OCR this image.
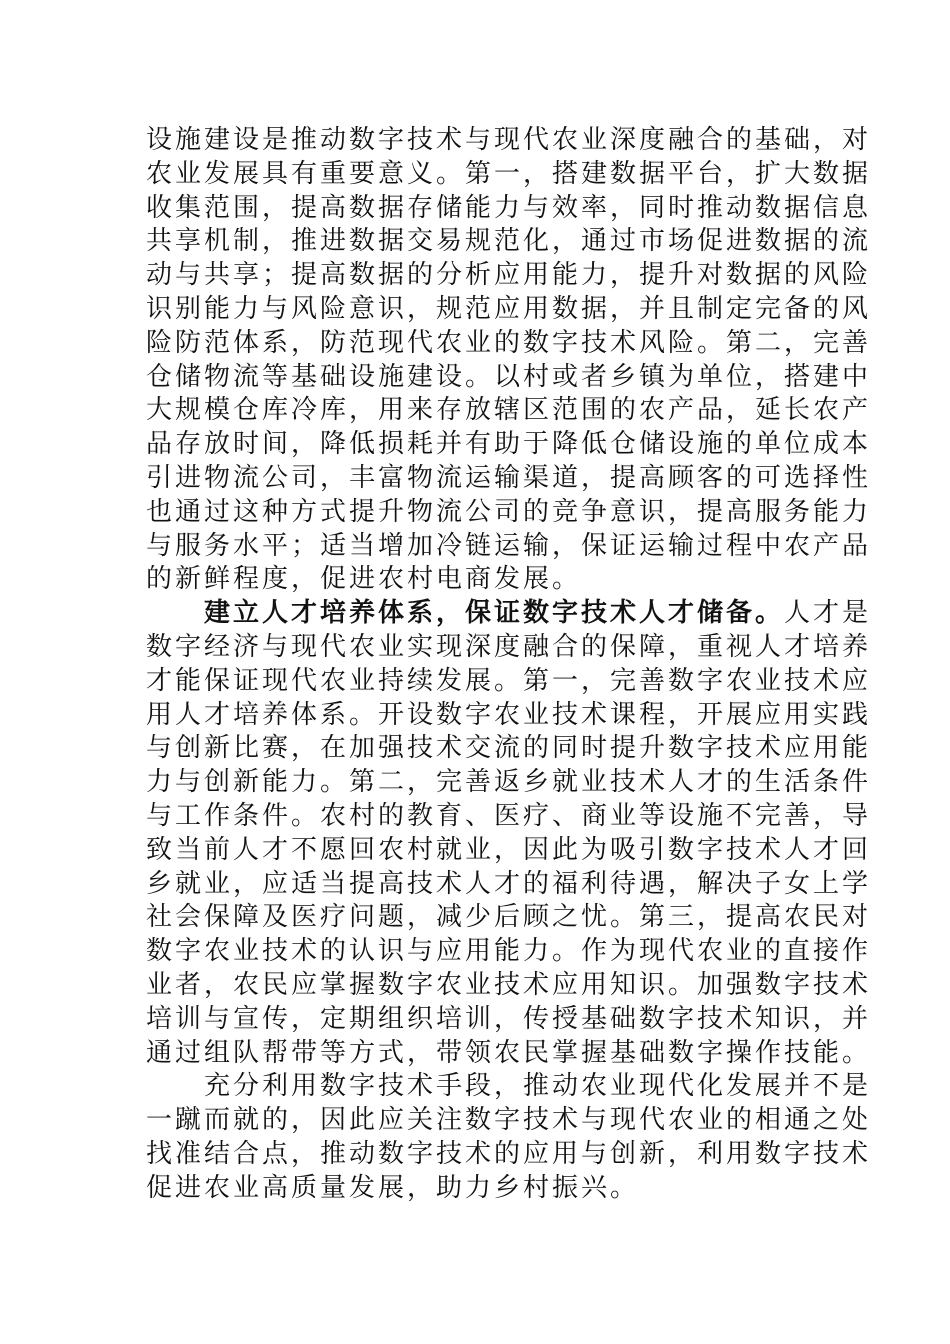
设施建设是推动数字技术与现代农业深度融合的基础，对
农业发展具有重要意义。第一，搭建数据平台，扩大数据
收集范围，提高数据存储能力与效率，同时推动数据信息
共享机制，推进数据交易规范化，通过市场促进数据的流
动与共享；提高数据的分析应用能力，提升对数据的风险
识别能力与风险意识，规范应用数据，并且制定完备的风
险防范体系，防范现代农业的数字技术风险。第二，完善
仓储物流等基础设施建设。以村或者乡镇为单位，搭建中
大规模仓库冷库，用来存放辖区范围的农产品，延长农产
品存放时间，降低损耗并有助于降低仓储设施的单位成本
引进物流公司，丰富物流运输渠道，提高顾客的可选择性
也通过这种方式提升物流公司的竞争意识，提高服务能力
与服务水平；适当增加冷链运输，保证运输过程中农产品
的新鲜程度，促进农村电商发展。
建立人才培养体系，保证数字技术人才储备。人才是
数字经济与现代农业实现深度融合的保障，重视人才培养
才能保证现代农业持续发展。第一，完善数字农业技术应
用人才培养体系。开设数字农业技术课程，开展应用实践
与创新比赛，在加强技术交流的同时提升数字技术应用能
力与创新能力。第二，完善返乡就业技术人才的生活条件
与工作条件。农村的教育、医疗、商业等设施不完善，导
致当前人才不愿回农村就业，因此为吸引数字技术人才回
乡就业，应适当提高技术人才的福利待遇，解决子女上学
社会保障及医疗问题，减少后顾之忧。第三，提高农民对
数字农业技术的认识与应用能力。作为现代农业的直接作
业者，农民应掌握数字农业技术应用知识。加强数字技术
培训与宣传，定期组织培训，传授基础数字技术知识，并
通过组队帮带等方式，带领农民掌握基础数字操作技能。
充分利用数字技术手段，推动农业现代化发展并不是
一蹴而就的，因此应关注数字技术与现代农业的相通之处
找准结合点，推动数字技术的应用与创新，利用数字技术
促进农业高质量发展，助力乡村振兴。
